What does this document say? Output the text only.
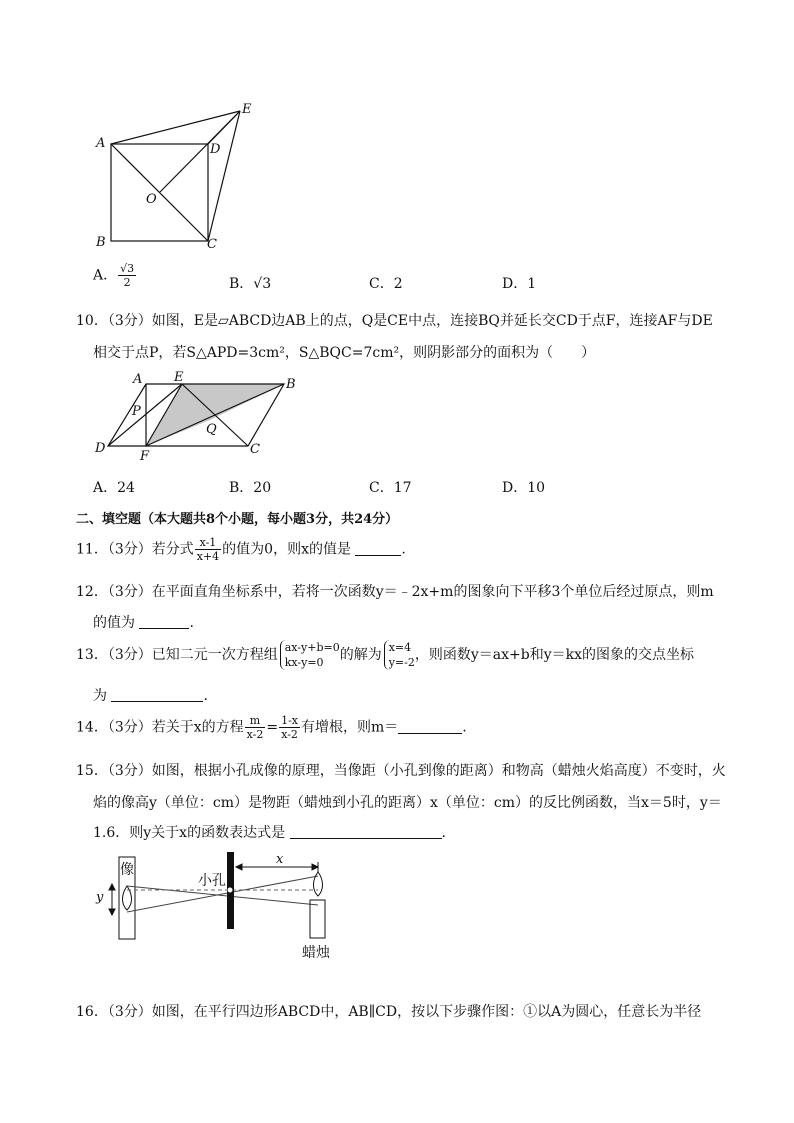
A
B	C
D
E
O
A． $\frac{√3}{2}$	B．√3	C．2	D．1
10．（3分）如图，E是▱ABCD边AB上的点，Q是CE中点，连接BQ并延长交CD于点F，连接AF与DE
相交于点P，若S△APD=3cm²，S△BQC=7cm²，则阴影部分的面积为（　　）
A E	B
P
Q
D
F	C
A．24	B．20	C．17	D．10
二、填空题（本大题共8个小题，每小题3分，共24分）
11．（3分）若分式 $\frac{x-1}{x+4}$ 的值为0，则x的值是	.
12．（3分）在平面直角坐标系中，若将一次函数y＝﹣2x+m的图象向下平移3个单位后经过原点，则m
的值为	.
13．（3分）已知二元一次方程组 ax-y+b=0
kx-y=0	的解为 x=4
y=-2 ，则函数y＝ax+b和y＝kx的图象的交点坐标
为	.
14．（3分）若关于x的方程 $\frac{m}{x-2} = \frac{1-x}{x-2}$ 有增根，则m＝	.
15．（3分）如图，根据小孔成像的原理，当像距（小孔到像的距离）和物高（蜡烛火焰高度）不变时，火
焰的像高y（单位：cm）是物距（蜡烛到小孔的距离）x（单位：cm）的反比例函数，当x＝5时，y＝
1.6．则y关于x的函数表达式是	.
像
小孔
x
y
蜡烛
16．（3分）如图，在平行四边形ABCD中，AB∥CD，按以下步骤作图：①以A为圆心，任意长为半径
